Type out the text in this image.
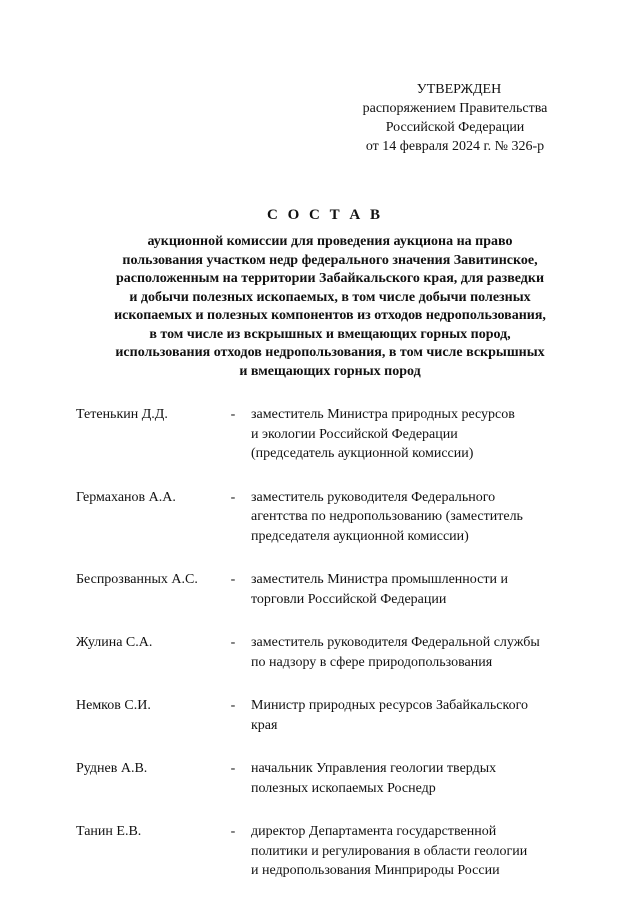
УТВЕРЖДЕН
распоряжением Правительства
Российской Федерации
от 14 февраля 2024 г. № 326-р
С О С Т А В
аукционной комиссии для проведения аукциона на право
пользования участком недр федерального значения Завитинское,
расположенным на территории Забайкальского края, для разведки
и добычи полезных ископаемых, в том числе добычи полезных
ископаемых и полезных компонентов из отходов недропользования,
в том числе из вскрышных и вмещающих горных пород,
использования отходов недропользования, в том числе вскрышных
и вмещающих горных пород
Тетенькин Д.Д.	- заместитель Министра природных ресурсов
и экологии Российской Федерации
(председатель аукционной комиссии)
Гермаханов А.А.	- заместитель руководителя Федерального
агентства по недропользованию (заместитель
председателя аукционной комиссии)
Беспрозванных А.С.	- заместитель Министра промышленности и
торговли Российской Федерации
Жулина С.А.	- заместитель руководителя Федеральной службы
по надзору в сфере природопользования
Немков С.И.	- Министр природных ресурсов Забайкальского
края
Руднев А.В.	- начальник Управления геологии твердых
полезных ископаемых Роснедр
Танин Е.В.	- директор Департамента государственной
политики и регулирования в области геологии
и недропользования Минприроды России
